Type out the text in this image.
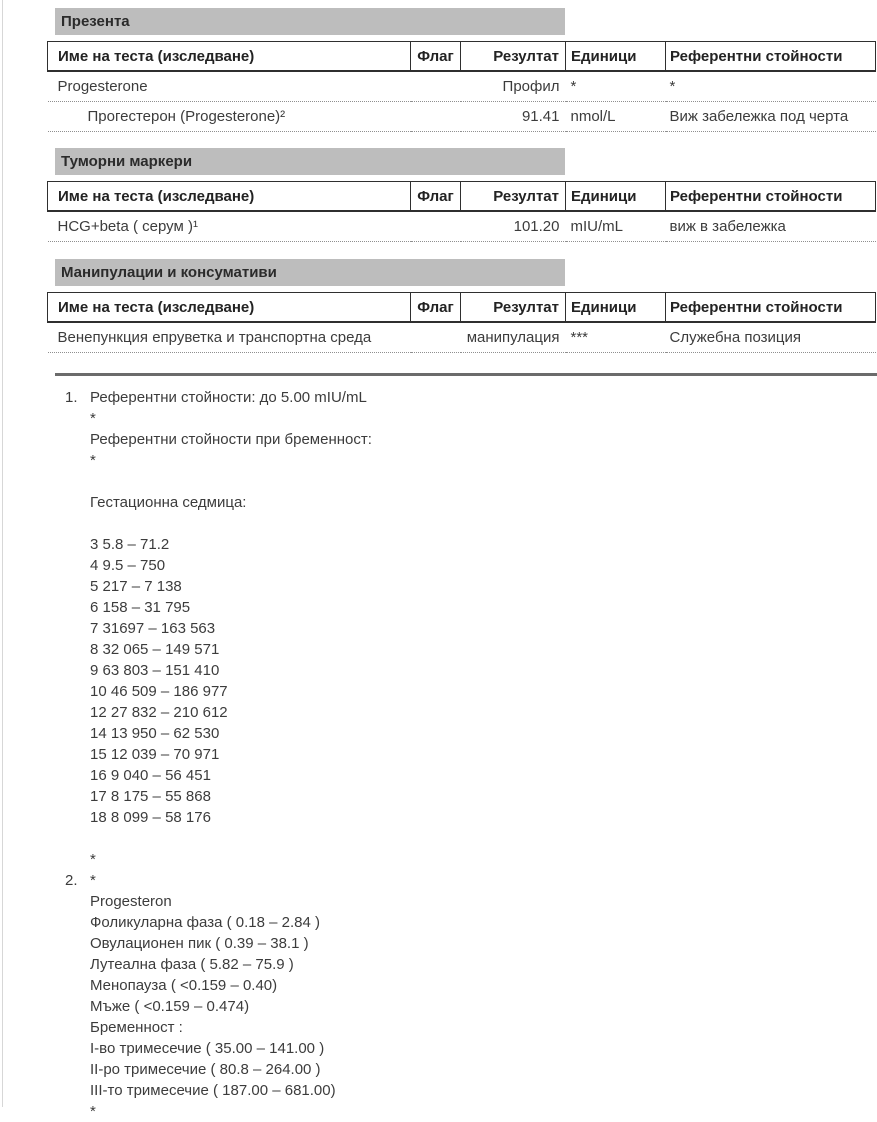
Презента
Име на теста (изследване)	Флаг	Резултат	Единици	Референтни стойности
Progesterone		Профил	*	*
Прогестерон (Progesterone)²		91.41	nmol/L	Виж забележка под черта
Туморни маркери
Име на теста (изследване)	Флаг	Резултат	Единици	Референтни стойности
HCG+beta ( серум )¹		101.20	mIU/mL	виж в забележка
Манипулации и консумативи
Име на теста (изследване)	Флаг	Резултат	Единици	Референтни стойности
Венепункция епруветка и транспортна среда		манипулация	***	Служебна позиция
1. Референтни стойности: до 5.00 mIU/mL
*
Референтни стойности при бременност:
*
Гестационна седмица:
3 5.8 – 71.2
4 9.5 – 750
5 217 – 7 138
6 158 – 31 795
7 31697 – 163 563
8 32 065 – 149 571
9 63 803 – 151 410
10 46 509 – 186 977
12 27 832 – 210 612
14 13 950 – 62 530
15 12 039 – 70 971
16 9 040 – 56 451
17 8 175 – 55 868
18 8 099 – 58 176
*
2. *
Progesteron
Фоликуларна фаза ( 0.18 – 2.84 )
Овулационен пик ( 0.39 – 38.1 )
Лутеална фаза ( 5.82 – 75.9 )
Менопауза ( <0.159 – 0.40)
Мъже ( <0.159 – 0.474)
Бременност :
I-во тримесечие ( 35.00 – 141.00 )
II-ро тримесечие ( 80.8 – 264.00 )
III-то тримесечие ( 187.00 – 681.00)
*
